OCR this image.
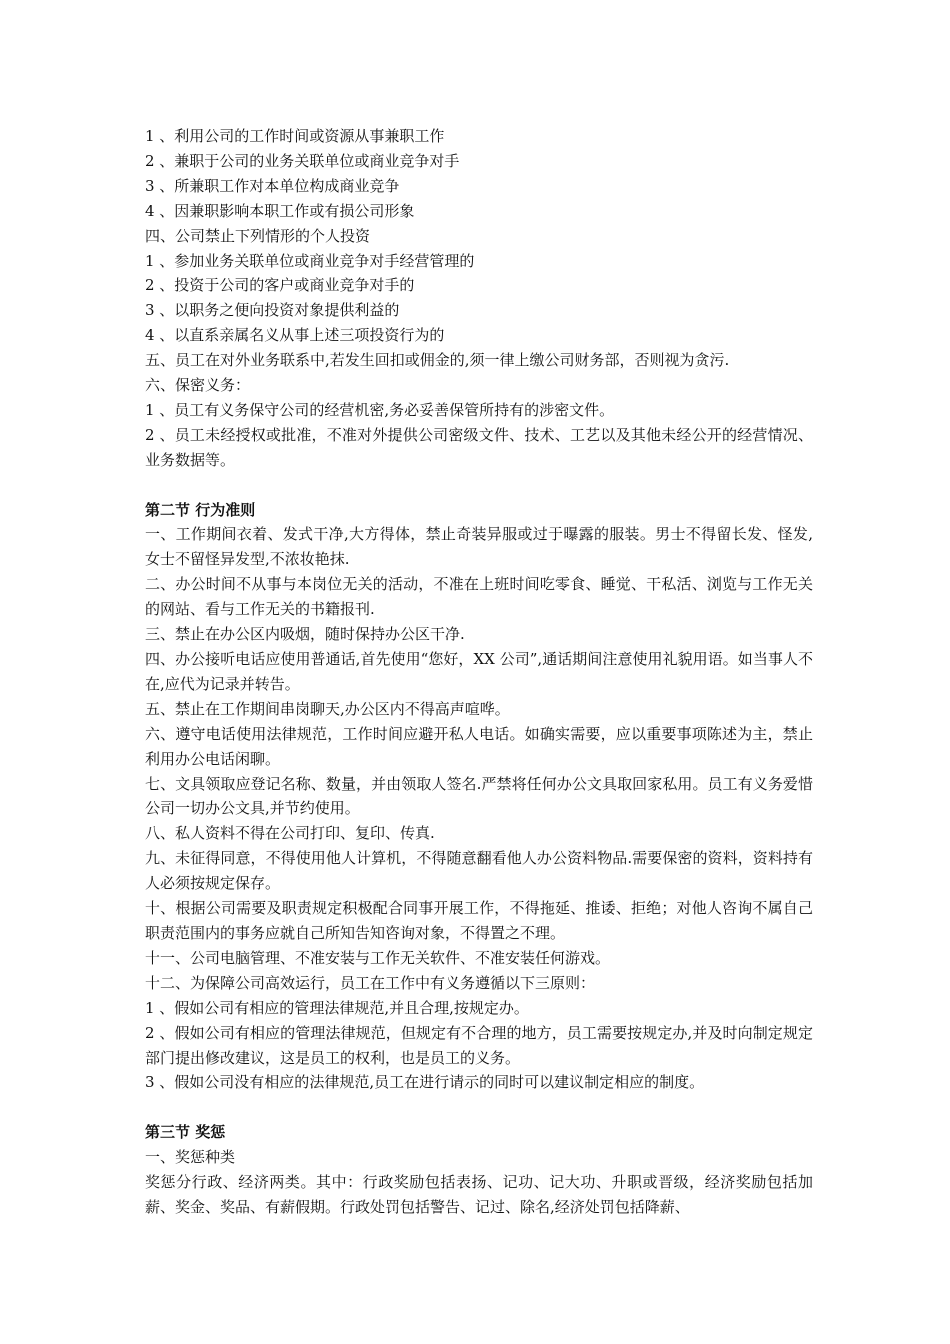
1 、利用公司的工作时间或资源从事兼职工作
2 、兼职于公司的业务关联单位或商业竞争对手
3 、所兼职工作对本单位构成商业竞争
4 、因兼职影响本职工作或有损公司形象
四、公司禁止下列情形的个人投资
1 、参加业务关联单位或商业竞争对手经营管理的
2 、投资于公司的客户或商业竞争对手的
3 、以职务之便向投资对象提供利益的
4 、以直系亲属名义从事上述三项投资行为的
五、员工在对外业务联系中,若发生回扣或佣金的,须一律上缴公司财务部，否则视为贪污.
六、保密义务：
1 、员工有义务保守公司的经营机密,务必妥善保管所持有的涉密文件。
2 、员工未经授权或批准，不准对外提供公司密级文件、技术、工艺以及其他未经公开的经营情况、业务数据等。
第二节 行为准则
一、工作期间衣着、发式干净,大方得体，禁止奇装异服或过于曝露的服装。男士不得留长发、怪发,女士不留怪异发型,不浓妆艳抹.
二、办公时间不从事与本岗位无关的活动，不准在上班时间吃零食、睡觉、干私活、浏览与工作无关的网站、看与工作无关的书籍报刊.
三、禁止在办公区内吸烟，随时保持办公区干净.
四、办公接听电话应使用普通话,首先使用“您好，XX 公司”,通话期间注意使用礼貌用语。如当事人不在,应代为记录并转告。
五、禁止在工作期间串岗聊天,办公区内不得高声喧哗。
六、遵守电话使用法律规范，工作时间应避开私人电话。如确实需要，应以重要事项陈述为主，禁止利用办公电话闲聊。
七、文具领取应登记名称、数量，并由领取人签名.严禁将任何办公文具取回家私用。员工有义务爱惜公司一切办公文具,并节约使用。
八、私人资料不得在公司打印、复印、传真.
九、未征得同意，不得使用他人计算机，不得随意翻看他人办公资料物品.需要保密的资料，资料持有人必须按规定保存。
十、根据公司需要及职责规定积极配合同事开展工作，不得拖延、推诿、拒绝；对他人咨询不属自己职责范围内的事务应就自己所知告知咨询对象，不得置之不理。
十一、公司电脑管理、不准安装与工作无关软件、不准安装任何游戏。
十二、为保障公司高效运行，员工在工作中有义务遵循以下三原则：
1 、假如公司有相应的管理法律规范,并且合理,按规定办。
2 、假如公司有相应的管理法律规范，但规定有不合理的地方，员工需要按规定办,并及时向制定规定部门提出修改建议，这是员工的权利，也是员工的义务。
3 、假如公司没有相应的法律规范,员工在进行请示的同时可以建议制定相应的制度。
第三节 奖惩
一、奖惩种类
奖惩分行政、经济两类。其中：行政奖励包括表扬、记功、记大功、升职或晋级，经济奖励包括加薪、奖金、奖品、有薪假期。行政处罚包括警告、记过、除名,经济处罚包括降薪、
